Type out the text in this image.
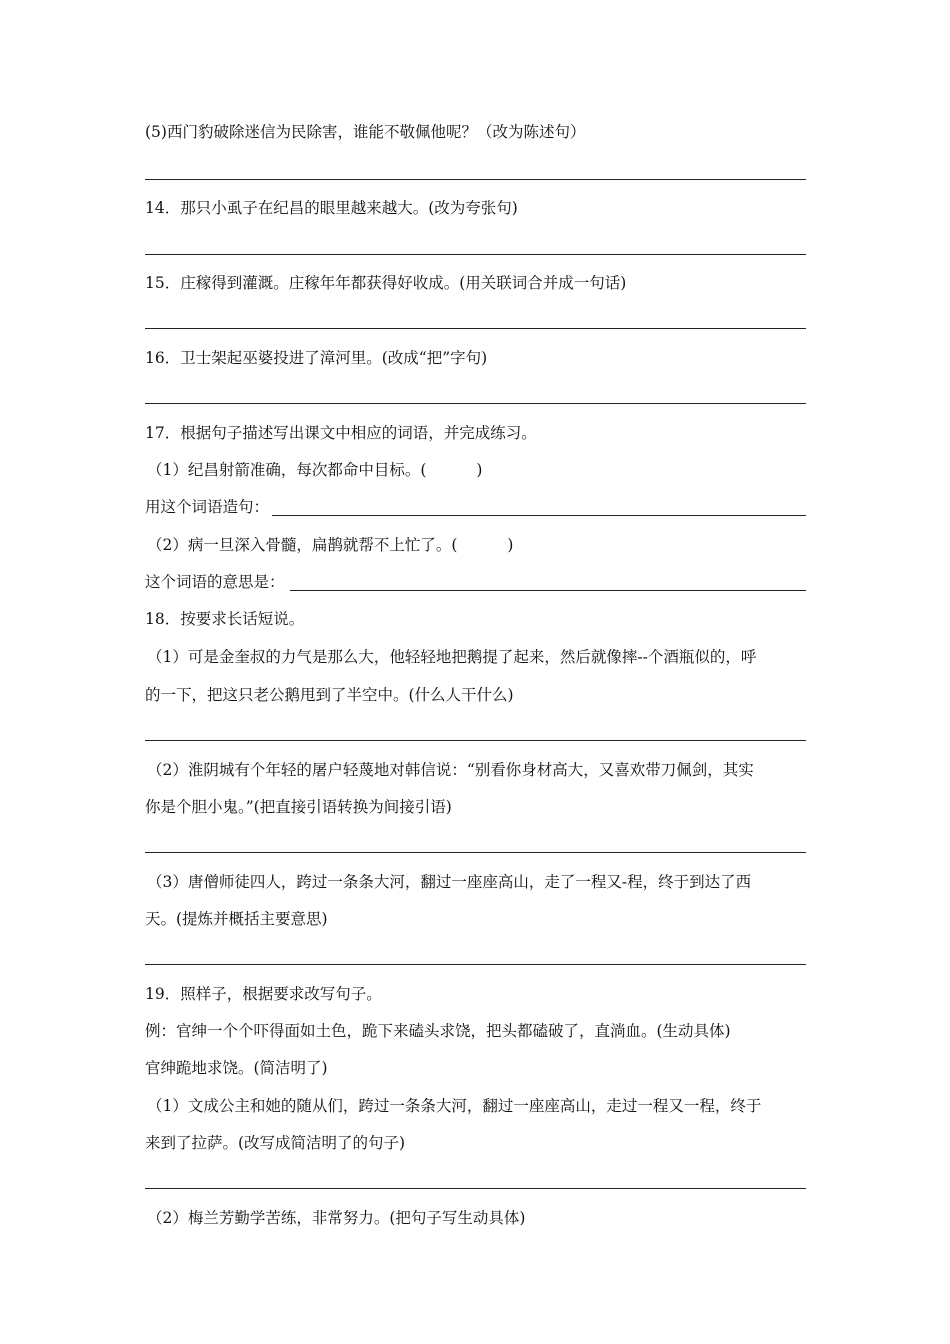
(5)西门豹破除迷信为民除害，谁能不敬佩他呢？（改为陈述句）
14．那只小虱子在纪昌的眼里越来越大。(改为夸张句)
15．庄稼得到灌溉。庄稼年年都获得好收成。(用关联词合并成一句话)
16．卫士架起巫婆投进了漳河里。(改成“把”字句)
17．根据句子描述写出课文中相应的词语，并完成练习。
（1）纪昌射箭准确，每次都命中目标。(	)
用这个词语造句：
（2）病一旦深入骨髓，扁鹊就帮不上忙了。(	)
这个词语的意思是：
18．按要求长话短说。
（1）可是金奎叔的力气是那么大，他轻轻地把鹅提了起来，然后就像摔--个酒瓶似的，呼
的一下，把这只老公鹅甩到了半空中。(什么人干什么)
（2）淮阴城有个年轻的屠户轻蔑地对韩信说：“别看你身材高大，又喜欢带刀佩剑，其实
你是个胆小鬼。”(把直接引语转换为间接引语)
（3）唐僧师徒四人，跨过一条条大河，翻过一座座高山，走了一程又-程，终于到达了西
天。(提炼并概括主要意思)
19．照样子，根据要求改写句子。
例：官绅一个个吓得面如土色，跪下来磕头求饶，把头都磕破了，直淌血。(生动具体)
官绅跪地求饶。(简洁明了)
（1）文成公主和她的随从们，跨过一条条大河，翻过一座座高山，走过一程又一程，终于
来到了拉萨。(改写成简洁明了的句子)
（2）梅兰芳勤学苦练，非常努力。(把句子写生动具体)
